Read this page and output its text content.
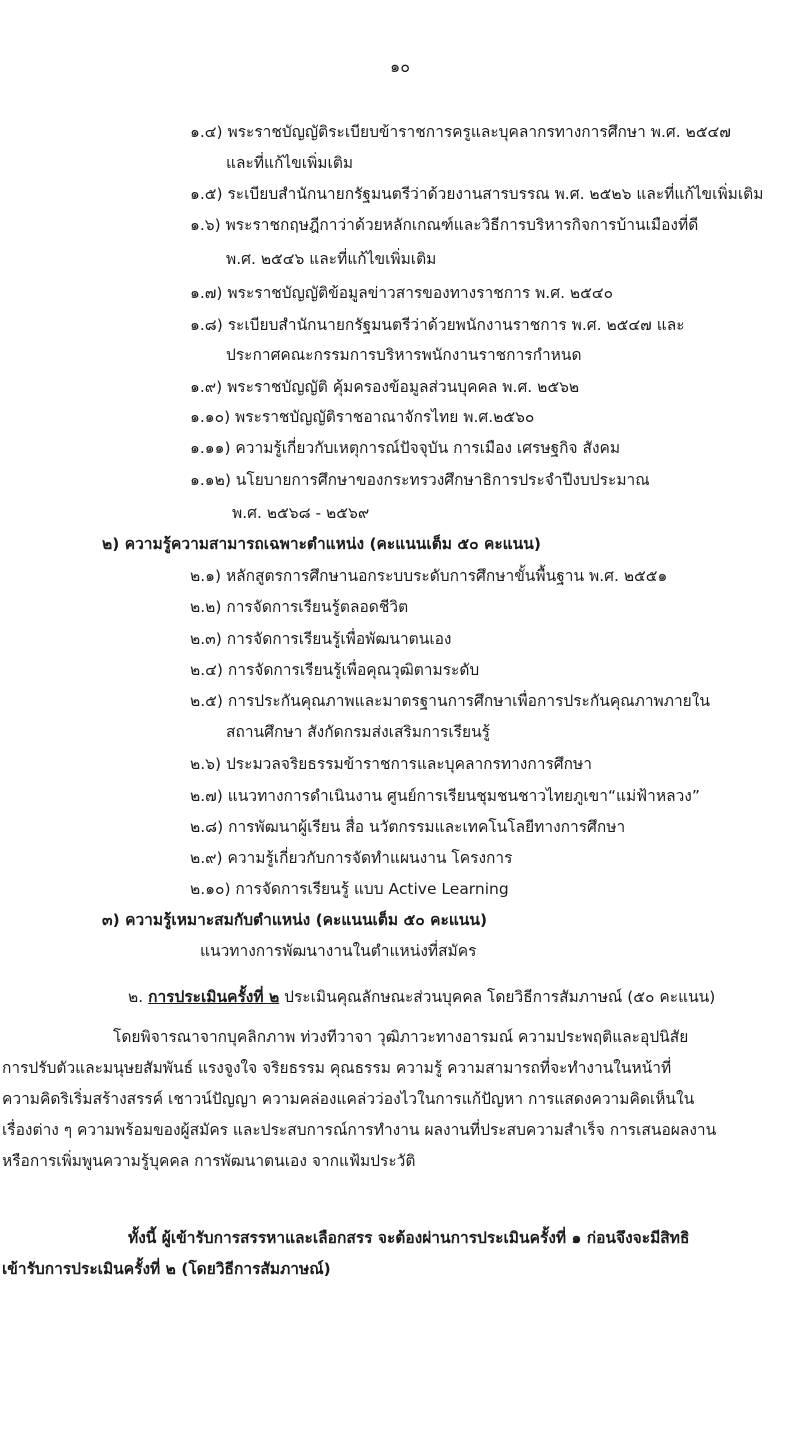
๑๐
๑.๔) พระราชบัญญัติระเบียบข้าราชการครูและบุคลากรทางการศึกษา พ.ศ. ๒๕๔๗
และที่แก้ไขเพิ่มเติม
๑.๕) ระเบียบสำนักนายกรัฐมนตรีว่าด้วยงานสารบรรณ พ.ศ. ๒๕๒๖ และที่แก้ไขเพิ่มเติม
๑.๖) พระราชกฤษฎีกาว่าด้วยหลักเกณฑ์และวิธีการบริหารกิจการบ้านเมืองที่ดี
พ.ศ. ๒๕๔๖ และที่แก้ไขเพิ่มเติม
๑.๗) พระราชบัญญัติข้อมูลข่าวสารของทางราชการ พ.ศ. ๒๕๔๐
๑.๘) ระเบียบสำนักนายกรัฐมนตรีว่าด้วยพนักงานราชการ พ.ศ. ๒๕๔๗ และ
ประกาศคณะกรรมการบริหารพนักงานราชการกำหนด
๑.๙) พระราชบัญญัติ คุ้มครองข้อมูลส่วนบุคคล พ.ศ. ๒๕๖๒
๑.๑๐) พระราชบัญญัติราชอาณาจักรไทย พ.ศ.๒๕๖๐
๑.๑๑) ความรู้เกี่ยวกับเหตุการณ์ปัจจุบัน การเมือง เศรษฐกิจ สังคม
๑.๑๒) นโยบายการศึกษาของกระทรวงศึกษาธิการประจำปีงบประมาณ
พ.ศ. ๒๕๖๘ - ๒๕๖๙
๒) ความรู้ความสามารถเฉพาะตำแหน่ง (คะแนนเต็ม ๕๐ คะแนน)
๒.๑) หลักสูตรการศึกษานอกระบบระดับการศึกษาขั้นพื้นฐาน พ.ศ. ๒๕๕๑
๒.๒) การจัดการเรียนรู้ตลอดชีวิต
๒.๓) การจัดการเรียนรู้เพื่อพัฒนาตนเอง
๒.๔) การจัดการเรียนรู้เพื่อคุณวุฒิตามระดับ
๒.๕) การประกันคุณภาพและมาตรฐานการศึกษาเพื่อการประกันคุณภาพภายใน
สถานศึกษา สังกัดกรมส่งเสริมการเรียนรู้
๒.๖) ประมวลจริยธรรมข้าราชการและบุคลากรทางการศึกษา
๒.๗) แนวทางการดำเนินงาน ศูนย์การเรียนชุมชนชาวไทยภูเขา“แม่ฟ้าหลวง”
๒.๘) การพัฒนาผู้เรียน สื่อ นวัตกรรมและเทคโนโลยีทางการศึกษา
๒.๙) ความรู้เกี่ยวกับการจัดทำแผนงาน โครงการ
๒.๑๐) การจัดการเรียนรู้ แบบ Active Learning
๓) ความรู้เหมาะสมกับตำแหน่ง (คะแนนเต็ม ๕๐ คะแนน)
แนวทางการพัฒนางานในตำแหน่งที่สมัคร
๒. การประเมินครั้งที่ ๒ ประเมินคุณลักษณะส่วนบุคคล โดยวิธีการสัมภาษณ์ (๕๐ คะแนน)
โดยพิจารณาจากบุคลิกภาพ ท่วงทีวาจา วุฒิภาวะทางอารมณ์ ความประพฤติและอุปนิสัย
การปรับตัวและมนุษยสัมพันธ์ แรงจูงใจ จริยธรรม คุณธรรม ความรู้ ความสามารถที่จะทำงานในหน้าที่
ความคิดริเริ่มสร้างสรรค์ เชาวน์ปัญญา ความคล่องแคล่วว่องไวในการแก้ปัญหา การแสดงความคิดเห็นใน
เรื่องต่าง ๆ ความพร้อมของผู้สมัคร และประสบการณ์การทำงาน ผลงานที่ประสบความสำเร็จ การเสนอผลงาน
หรือการเพิ่มพูนความรู้บุคคล การพัฒนาตนเอง จากแฟ้มประวัติ
ทั้งนี้ ผู้เข้ารับการสรรหาและเลือกสรร จะต้องผ่านการประเมินครั้งที่ ๑ ก่อนจึงจะมีสิทธิ
เข้ารับการประเมินครั้งที่ ๒ (โดยวิธีการสัมภาษณ์)
